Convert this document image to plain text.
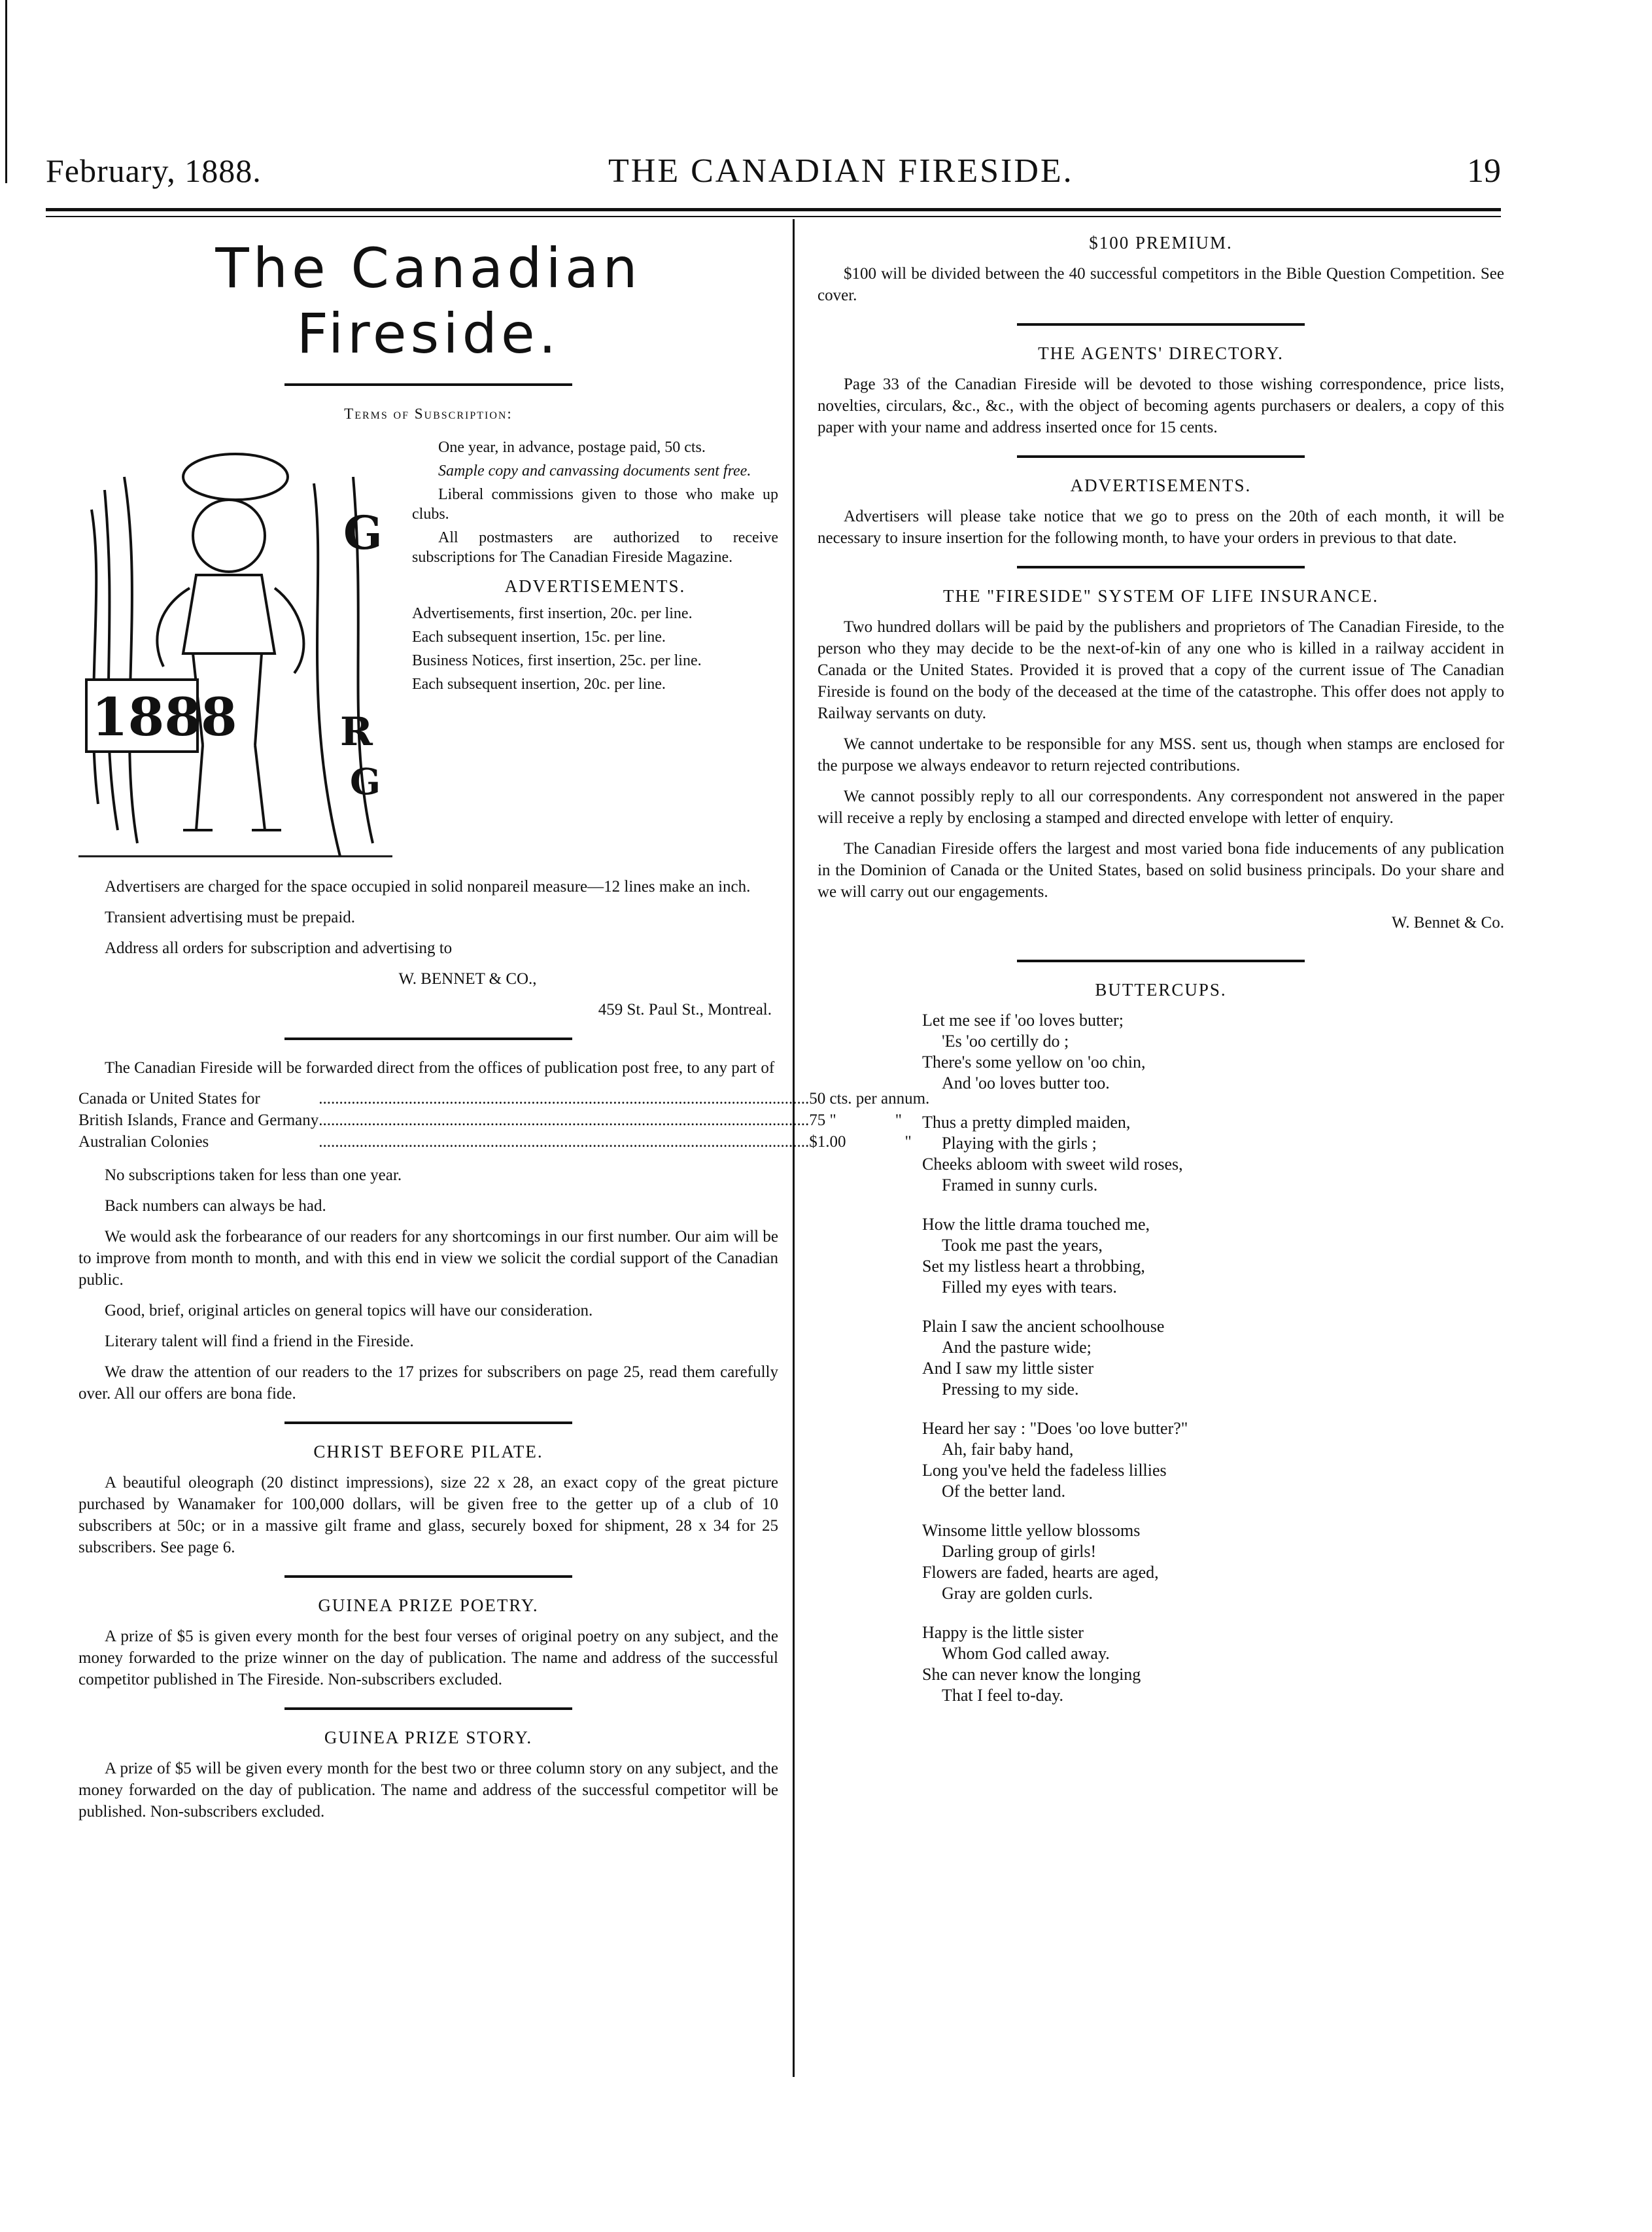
February, 1888.	THE CANADIAN FIRESIDE.	19
The Canadian Fireside.
Terms of Subscription:
G
R
G
1888

One year, in advance, postage paid, 50 cts.

Sample copy and canvassing documents sent free.

Liberal commissions given to those who make up clubs.

All postmasters are authorized to receive subscriptions for The Canadian Fireside Magazine.

ADVERTISEMENTS.

Advertisements, first insertion, 20c. per line.

Each subsequent insertion, 15c. per line.

Business Notices, first insertion, 25c. per line.

Each subsequent insertion, 20c. per line.

Advertisers are charged for the space occupied in solid nonpareil measure—12 lines make an inch.

Transient advertising must be prepaid.

Address all orders for subscription and advertising to

W. BENNET & CO.,

459 St. Paul St., Montreal.

The Canadian Fireside will be forwarded direct from the offices of publication post free, to any part of

Canada or United States for	.....	50 cts. per annum.
British Islands, France and Germany	.....	75 " "
Australian Colonies	.....	$1.00 "

No subscriptions taken for less than one year.

Back numbers can always be had.

We would ask the forbearance of our readers for any shortcomings in our first number. Our aim will be to improve from month to month, and with this end in view we solicit the cordial support of the Canadian public.

Good, brief, original articles on general topics will have our consideration.

Literary talent will find a friend in the Fireside.

We draw the attention of our readers to the 17 prizes for subscribers on page 25, read them carefully over. All our offers are bona fide.

CHRIST BEFORE PILATE.

A beautiful oleograph (20 distinct impressions), size 22 x 28, an exact copy of the great picture purchased by Wanamaker for 100,000 dollars, will be given free to the getter up of a club of 10 subscribers at 50c; or in a massive gilt frame and glass, securely boxed for shipment, 28 x 34 for 25 subscribers. See page 6.

GUINEA PRIZE POETRY.

A prize of $5 is given every month for the best four verses of original poetry on any subject, and the money forwarded to the prize winner on the day of publication. The name and address of the successful competitor published in The Fireside. Non-subscribers excluded.

GUINEA PRIZE STORY.

A prize of $5 will be given every month for the best two or three column story on any subject, and the money forwarded on the day of publication. The name and address of the successful competitor will be published. Non-subscribers excluded.

$100 PREMIUM.

$100 will be divided between the 40 successful competitors in the Bible Question Competition. See cover.

THE AGENTS' DIRECTORY.

Page 33 of the Canadian Fireside will be devoted to those wishing correspondence, price lists, novelties, circulars, &c., &c., with the object of becoming agents purchasers or dealers, a copy of this paper with your name and address inserted once for 15 cents.

ADVERTISEMENTS.

Advertisers will please take notice that we go to press on the 20th of each month, it will be necessary to insure insertion for the following month, to have your orders in previous to that date.

THE "FIRESIDE" SYSTEM OF LIFE INSURANCE.

Two hundred dollars will be paid by the publishers and proprietors of The Canadian Fireside, to the person who they may decide to be the next-of-kin of any one who is killed in a railway accident in Canada or the United States. Provided it is proved that a copy of the current issue of The Canadian Fireside is found on the body of the deceased at the time of the catastrophe. This offer does not apply to Railway servants on duty.

We cannot undertake to be responsible for any MSS. sent us, though when stamps are enclosed for the purpose we always endeavor to return rejected contributions.

We cannot possibly reply to all our correspondents. Any correspondent not answered in the paper will receive a reply by enclosing a stamped and directed envelope with letter of enquiry.

The Canadian Fireside offers the largest and most varied bona fide inducements of any publication in the Dominion of Canada or the United States, based on solid business principals. Do your share and we will carry out our engagements.

W. Bennet & Co.

BUTTERCUPS.
Let me see if 'oo loves butter;
'Es 'oo certilly do ;
There's some yellow on 'oo chin,
And 'oo loves butter too.
Thus a pretty dimpled maiden,
Playing with the girls ;
Cheeks abloom with sweet wild roses,
Framed in sunny curls.
How the little drama touched me,
Took me past the years,
Set my listless heart a throbbing,
Filled my eyes with tears.
Plain I saw the ancient schoolhouse
And the pasture wide;
And I saw my little sister
Pressing to my side.
Heard her say : "Does 'oo love butter?"
Ah, fair baby hand,
Long you've held the fadeless lillies
Of the better land.
Winsome little yellow blossoms
Darling group of girls!
Flowers are faded, hearts are aged,
Gray are golden curls.
Happy is the little sister
Whom God called away.
She can never know the longing
That I feel to-day.
